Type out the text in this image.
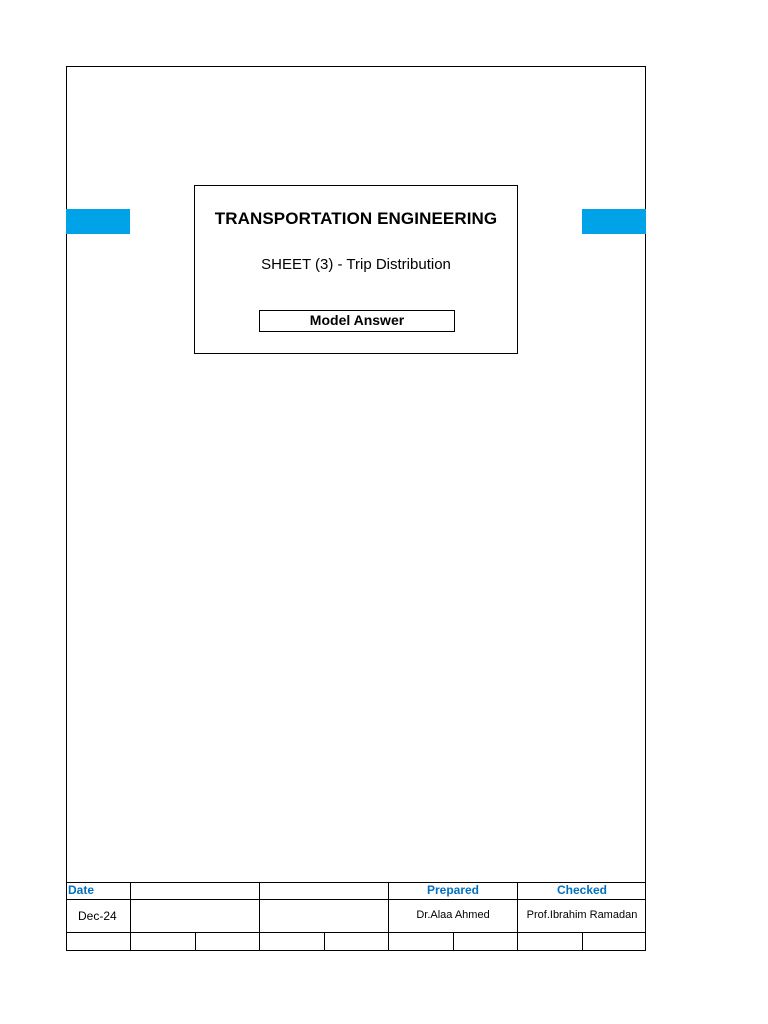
TRANSPORTATION ENGINEERING
SHEET (3) - Trip Distribution
Model Answer
Date	Prepared	Checked
Dec-24	Dr.Alaa Ahmed	Prof.Ibrahim Ramadan
